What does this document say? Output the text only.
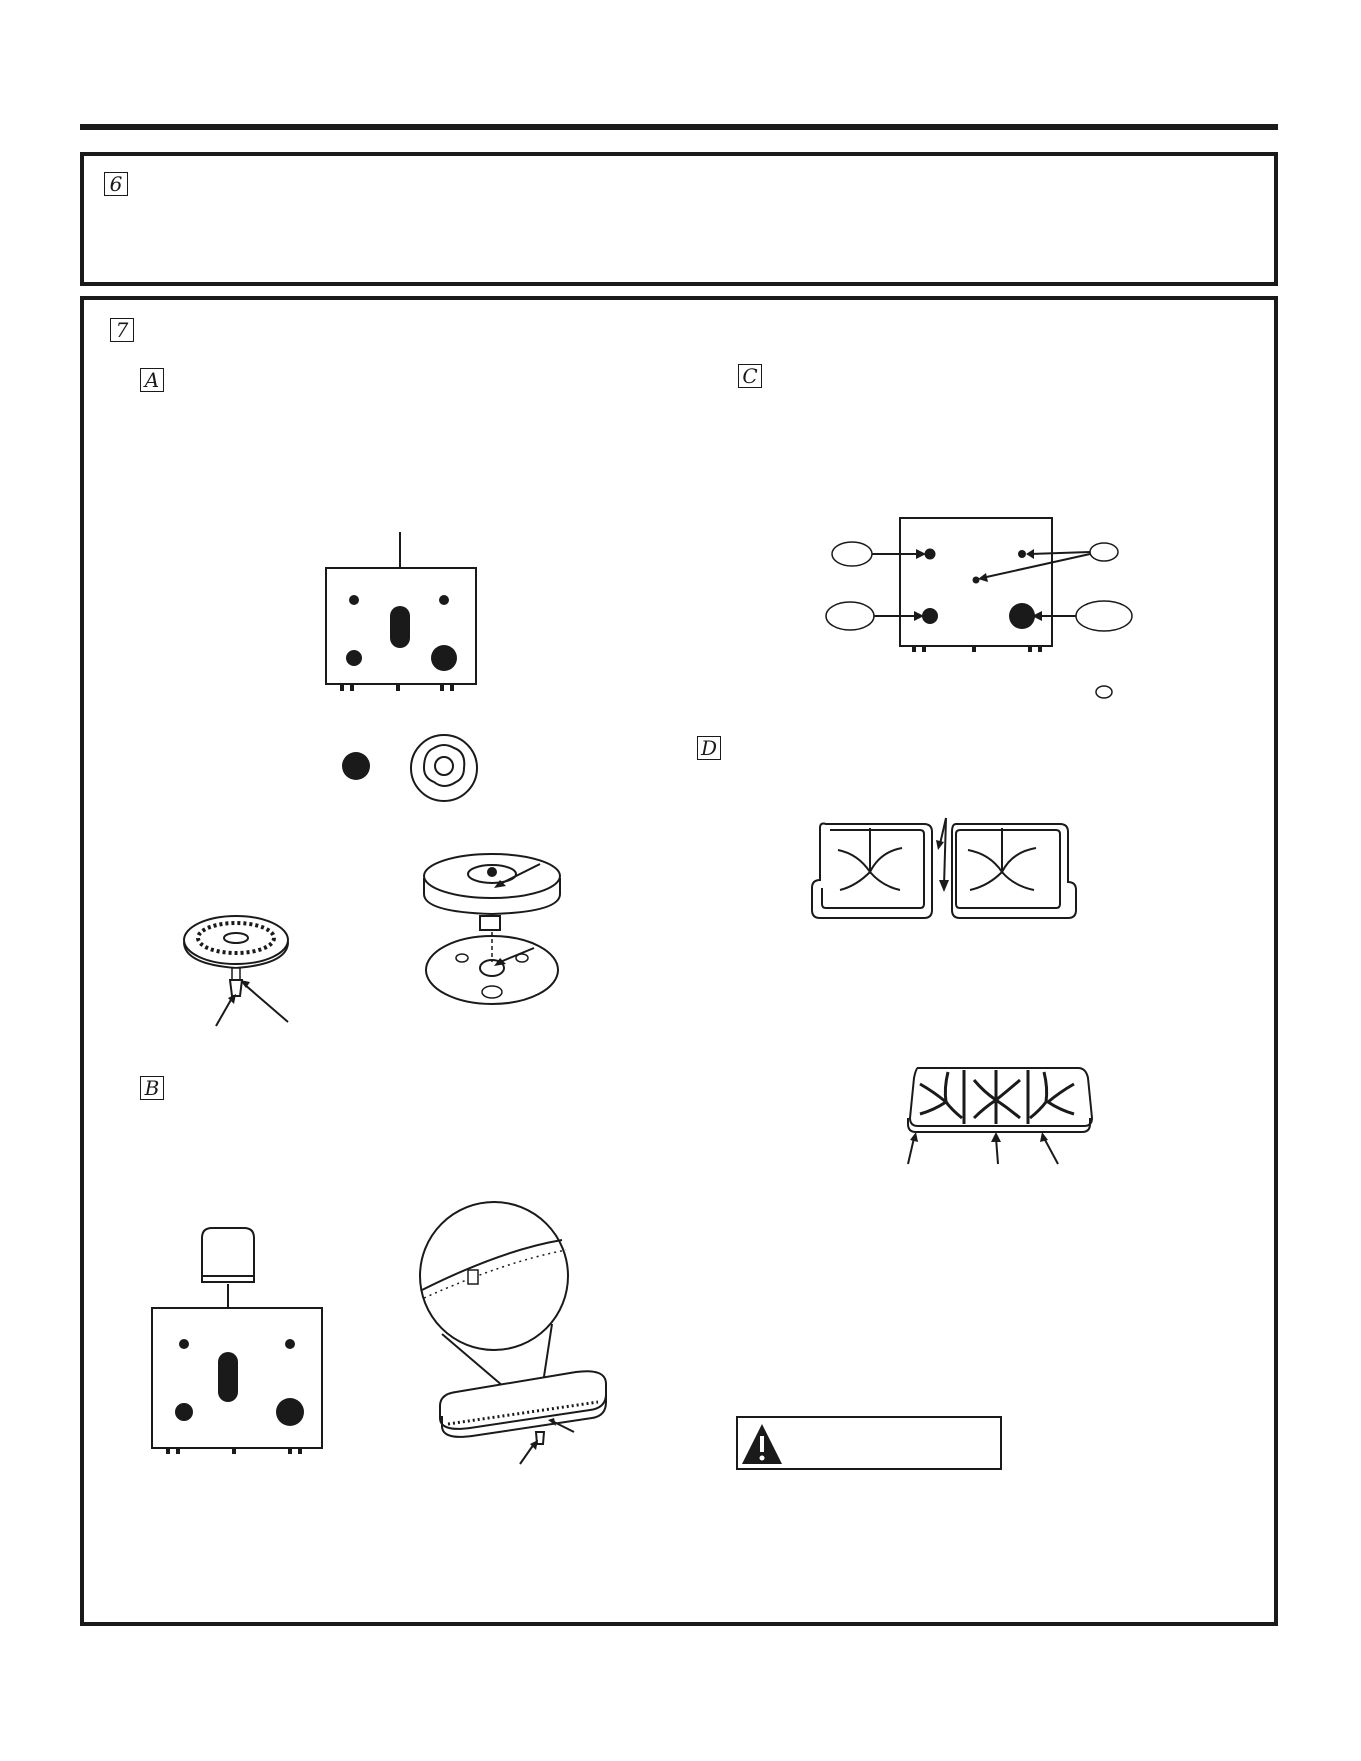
6
7
A
B
C
D
